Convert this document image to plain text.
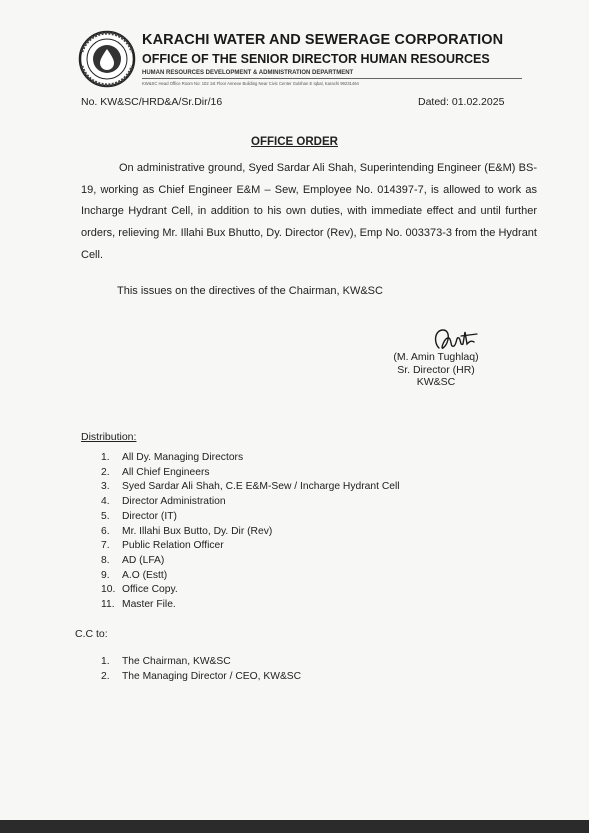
KARACHI WATER AND SEWERAGE CORPORATION
OFFICE OF THE SENIOR DIRECTOR HUMAN RESOURCES
HUMAN RESOURCES DEVELOPMENT & ADMINISTRATION DEPARTMENT
KW&SC Head Office Room No: 102 1st Floor Annexe Building Near Civic Center Gulshan E Iqbal, Karachi 99231464
No. KW&SC/HRD&A/Sr.Dir/16	Dated: 01.02.2025
OFFICE ORDER

On administrative ground, Syed Sardar Ali Shah, Superintending Engineer (E&M) BS-19, working as Chief Engineer E&M – Sew, Employee No. 014397-7, is allowed to work as Incharge Hydrant Cell, in addition to his own duties, with immediate effect and until further orders, relieving Mr. Illahi Bux Bhutto, Dy. Director (Rev), Emp No. 003373-3 from the Hydrant Cell.

This issues on the directives of the Chairman, KW&SC
(M. Amin Tughlaq)
Sr. Director (HR)
KW&SC
Distribution:
1. All Dy. Managing Directors
2. All Chief Engineers
3. Syed Sardar Ali Shah, C.E E&M-Sew / Incharge Hydrant Cell
4. Director Administration
5. Director (IT)
6. Mr. Illahi Bux Butto, Dy. Dir (Rev)
7. Public Relation Officer
8. AD (LFA)
9. A.O (Estt)
10. Office Copy.
11. Master File.
C.C to:
1. The Chairman, KW&SC
2. The Managing Director / CEO, KW&SC
